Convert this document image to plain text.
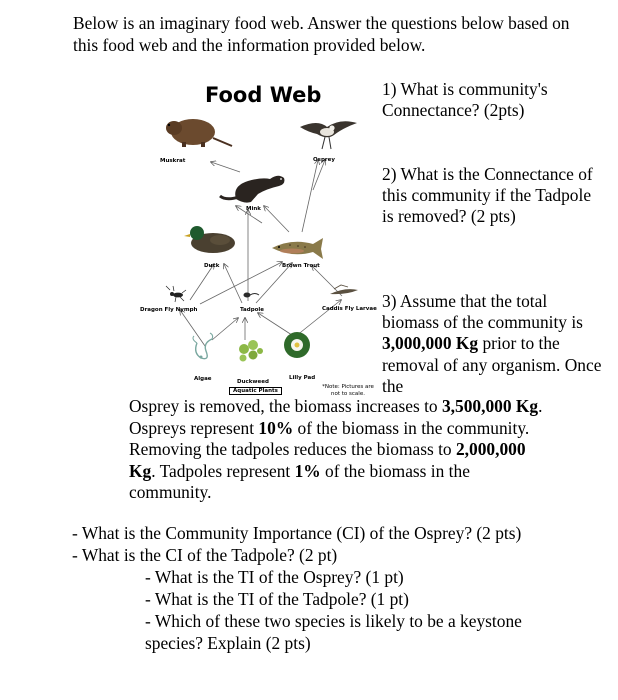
Below is an imaginary food web. Answer the questions below based on this food web and the information provided below.
Food Web
Muskrat	Osprey
Mink
Duck	Brown Trout
Dragon Fly Nymph	Tadpole	Caddis Fly Larvae
Algae	Duckweed
Aquatic Plants
Lilly Pad
*Note: Pictures are not to scale.
1) What is community's Connectance? (2pts)
2) What is the Connectance of this community if the Tadpole is removed? (2 pts)
3) Assume that the total biomass of the community is 3,000,000 Kg prior to the removal of any organism. Once the
Osprey is removed, the biomass increases to 3,500,000 Kg. Ospreys represent 10% of the biomass in the community. Removing the tadpoles reduces the biomass to 2,000,000 Kg. Tadpoles represent 1% of the biomass in the community.
- What is the Community Importance (CI) of the Osprey? (2 pts)
- What is the CI of the Tadpole? (2 pt)
- What is the TI of the Osprey? (1 pt)
- What is the TI of the Tadpole? (1 pt)
- Which of these two species is likely to be a keystone species? Explain (2 pts)
